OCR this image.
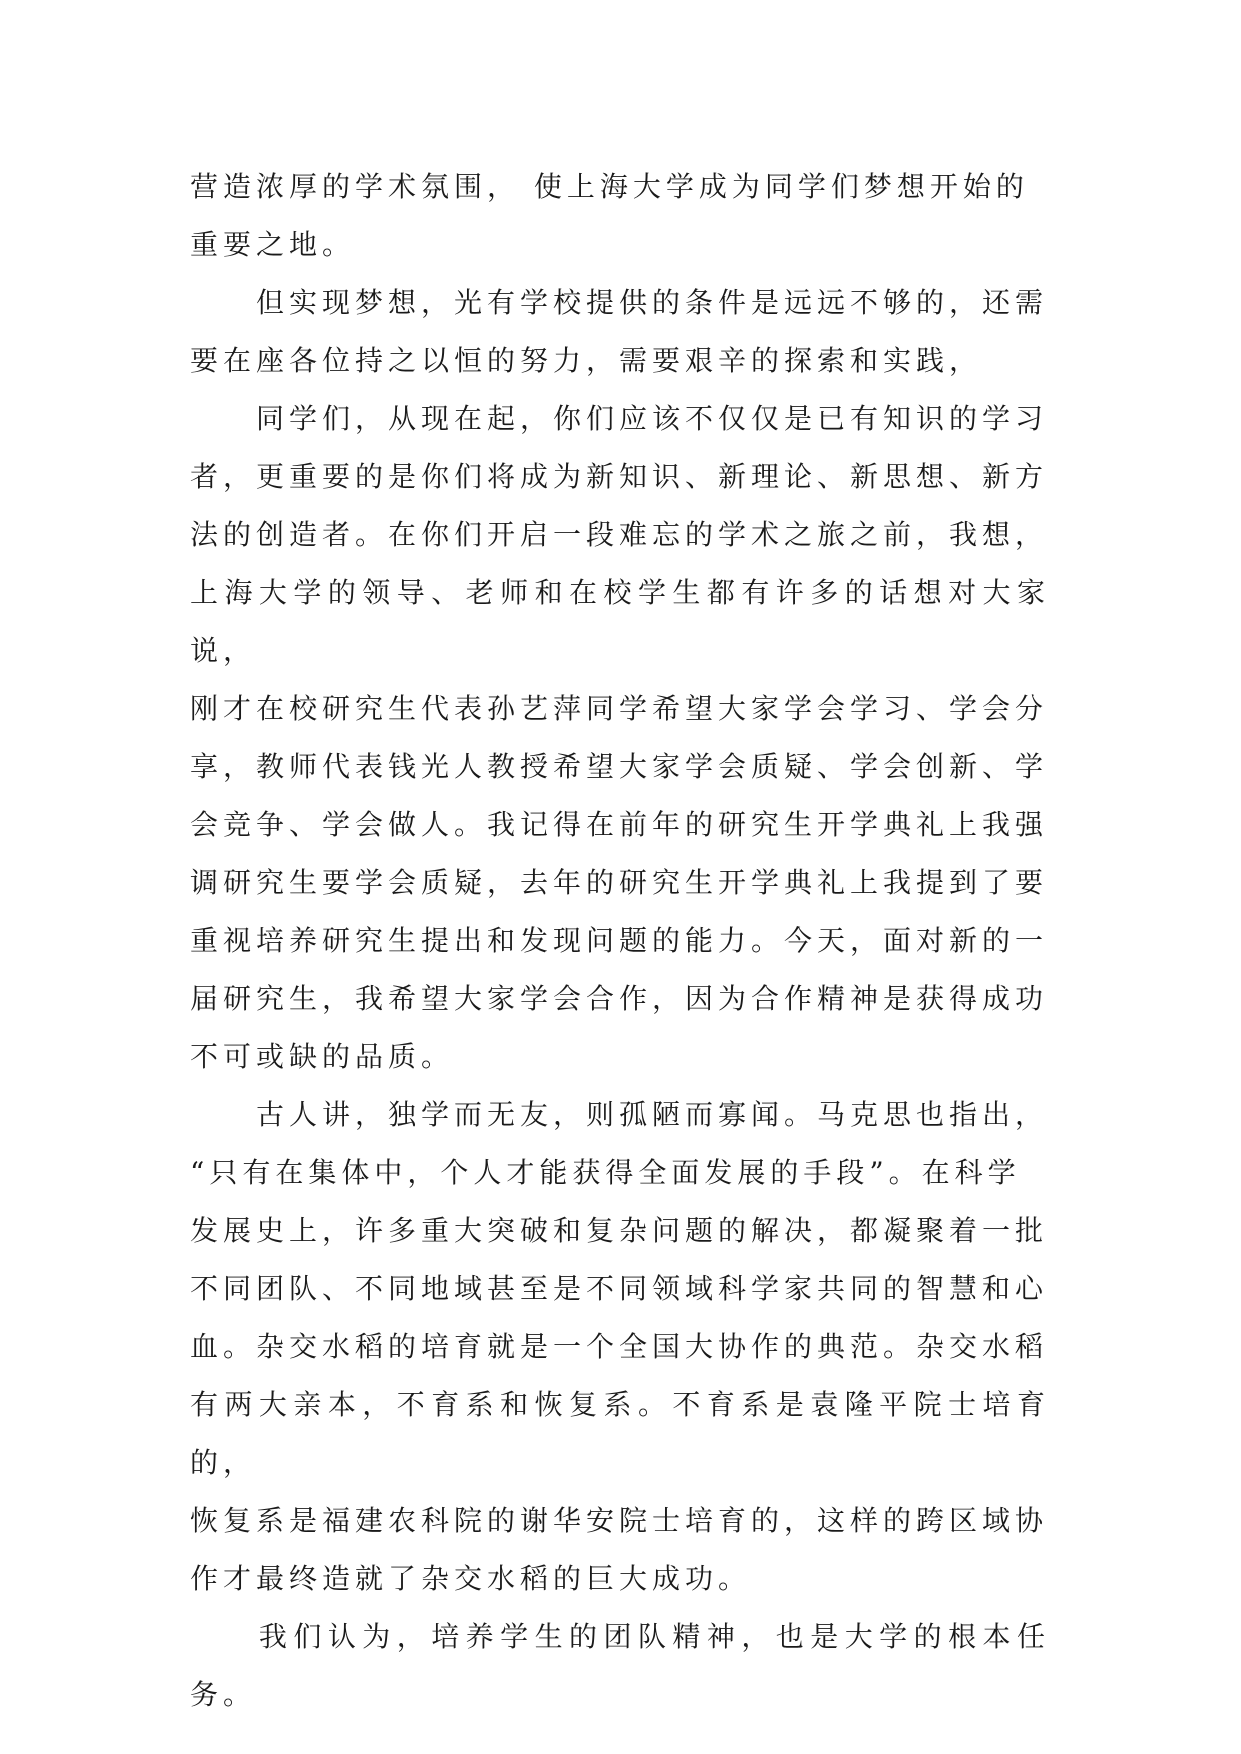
营造浓厚的学术氛围， 使上海大学成为同学们梦想开始的
重要之地。

　　但实现梦想，光有学校提供的条件是远远不够的，还需
要在座各位持之以恒的努力，需要艰辛的探索和实践，

　　同学们，从现在起，你们应该不仅仅是已有知识的学习
者，更重要的是你们将成为新知识、新理论、新思想、新方
法的创造者。在你们开启一段难忘的学术之旅之前，我想，
上海大学的领导、老师和在校学生都有许多的话想对大家说，
刚才在校研究生代表孙艺萍同学希望大家学会学习、学会分
享，教师代表钱光人教授希望大家学会质疑、学会创新、学
会竞争、学会做人。我记得在前年的研究生开学典礼上我强
调研究生要学会质疑，去年的研究生开学典礼上我提到了要
重视培养研究生提出和发现问题的能力。今天，面对新的一
届研究生，我希望大家学会合作，因为合作精神是获得成功
不可或缺的品质。

　　古人讲，独学而无友，则孤陋而寡闻。马克思也指出，
“只有在集体中，个人才能获得全面发展的手段”。在科学
发展史上，许多重大突破和复杂问题的解决，都凝聚着一批
不同团队、不同地域甚至是不同领域科学家共同的智慧和心
血。杂交水稻的培育就是一个全国大协作的典范。杂交水稻
有两大亲本，不育系和恢复系。不育系是袁隆平院士培育的，
恢复系是福建农科院的谢华安院士培育的，这样的跨区域协
作才最终造就了杂交水稻的巨大成功。

　　我们认为，培养学生的团队精神，也是大学的根本任务。
